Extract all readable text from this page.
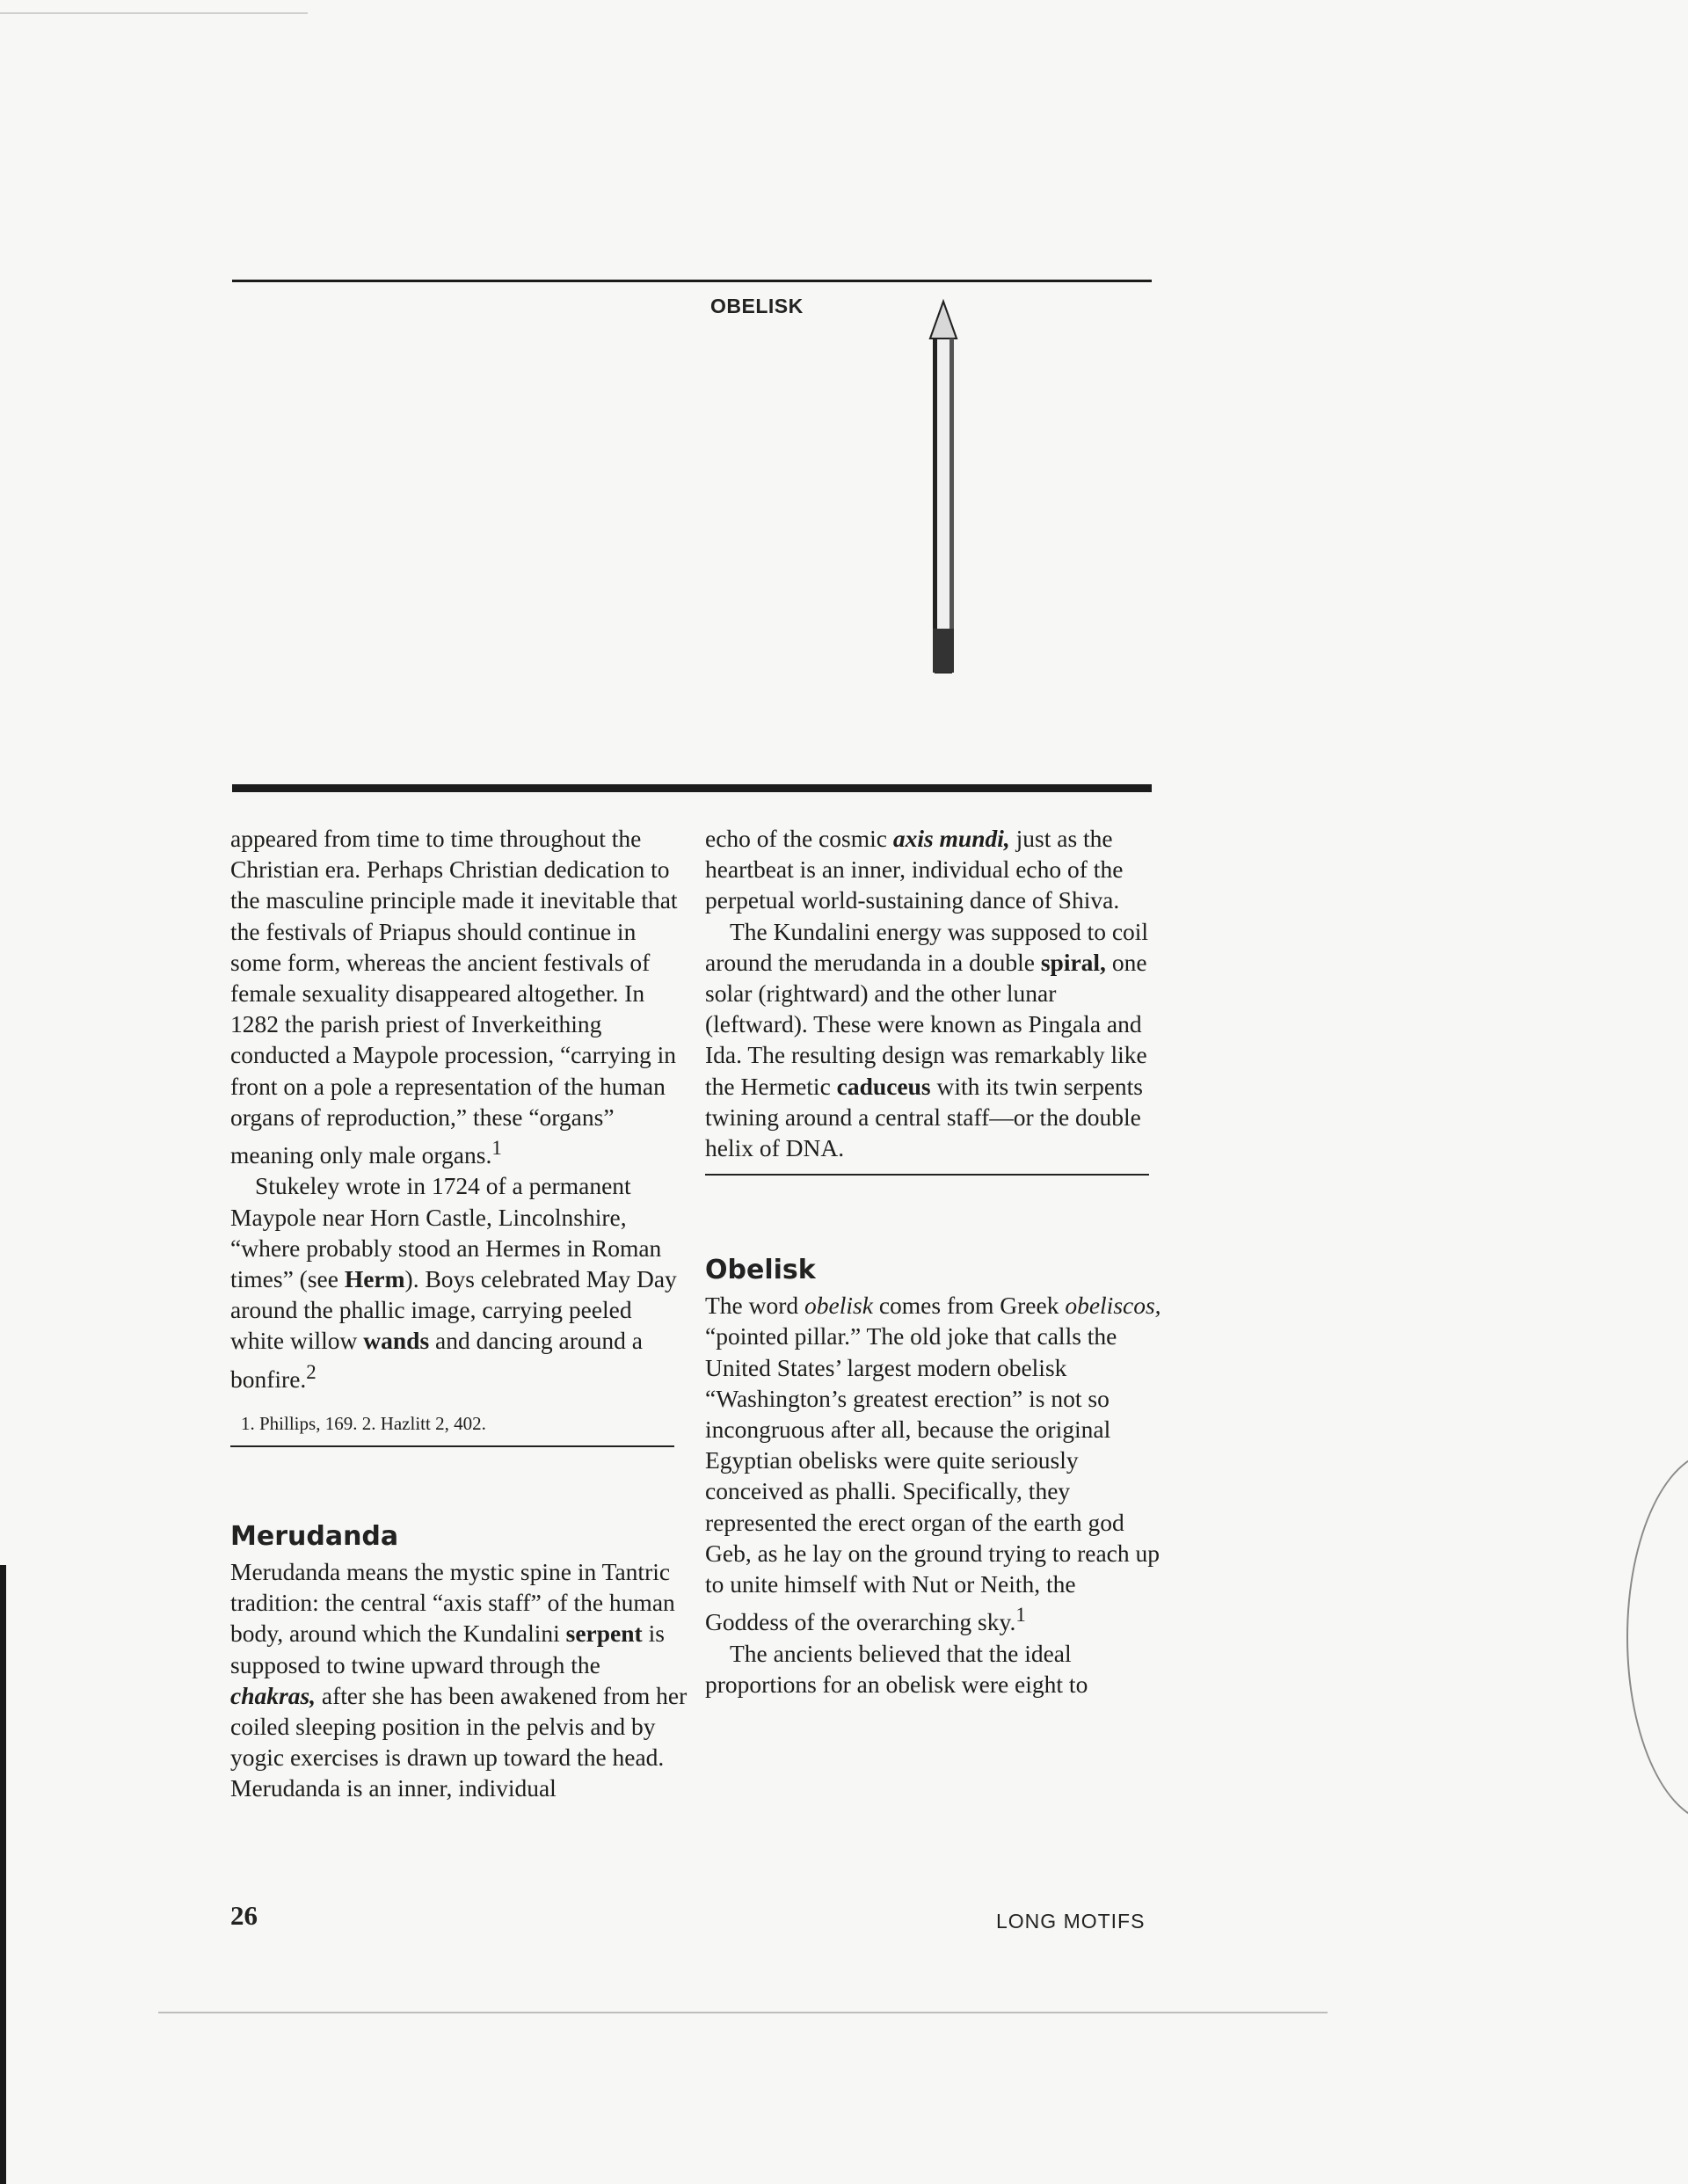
OBELISK

appeared from time to time throughout the Christian era. Perhaps Christian dedication to the masculine principle made it inevitable that the festivals of Priapus should continue in some form, whereas the ancient festivals of female sexuality disappeared altogether. In 1282 the parish priest of Inverkeithing conducted a Maypole procession, “carrying in front on a pole a representation of the human organs of reproduction,” these “organs” meaning only male organs.$^1$

Stukeley wrote in 1724 of a permanent Maypole near Horn Castle, Lincolnshire, “where probably stood an Hermes in Roman times” (see Herm). Boys celebrated May Day around the phallic image, carrying peeled white willow wands and dancing around a bonfire.$^2$

1. Phillips, 169. 2. Hazlitt 2, 402.

Merudanda

Merudanda means the mystic spine in Tantric tradition: the central “axis staff” of the human body, around which the Kundalini serpent is supposed to twine upward through the chakras, after she has been awakened from her coiled sleeping position in the pelvis and by yogic exercises is drawn up toward the head. Merudanda is an inner, individual

echo of the cosmic axis mundi, just as the heartbeat is an inner, individual echo of the perpetual world-sustaining dance of Shiva.

The Kundalini energy was supposed to coil around the merudanda in a double spiral, one solar (rightward) and the other lunar (leftward). These were known as Pingala and Ida. The resulting design was remarkably like the Hermetic caduceus with its twin serpents twining around a central staff—or the double helix of DNA.

Obelisk

The word obelisk comes from Greek obeliscos, “pointed pillar.” The old joke that calls the United States’ largest modern obelisk “Washington’s greatest erection” is not so incongruous after all, because the original Egyptian obelisks were quite seriously conceived as phalli. Specifically, they represented the erect organ of the earth god Geb, as he lay on the ground trying to reach up to unite himself with Nut or Neith, the Goddess of the overarching sky.$^1$

The ancients believed that the ideal proportions for an obelisk were eight to

26	LONG MOTIFS
